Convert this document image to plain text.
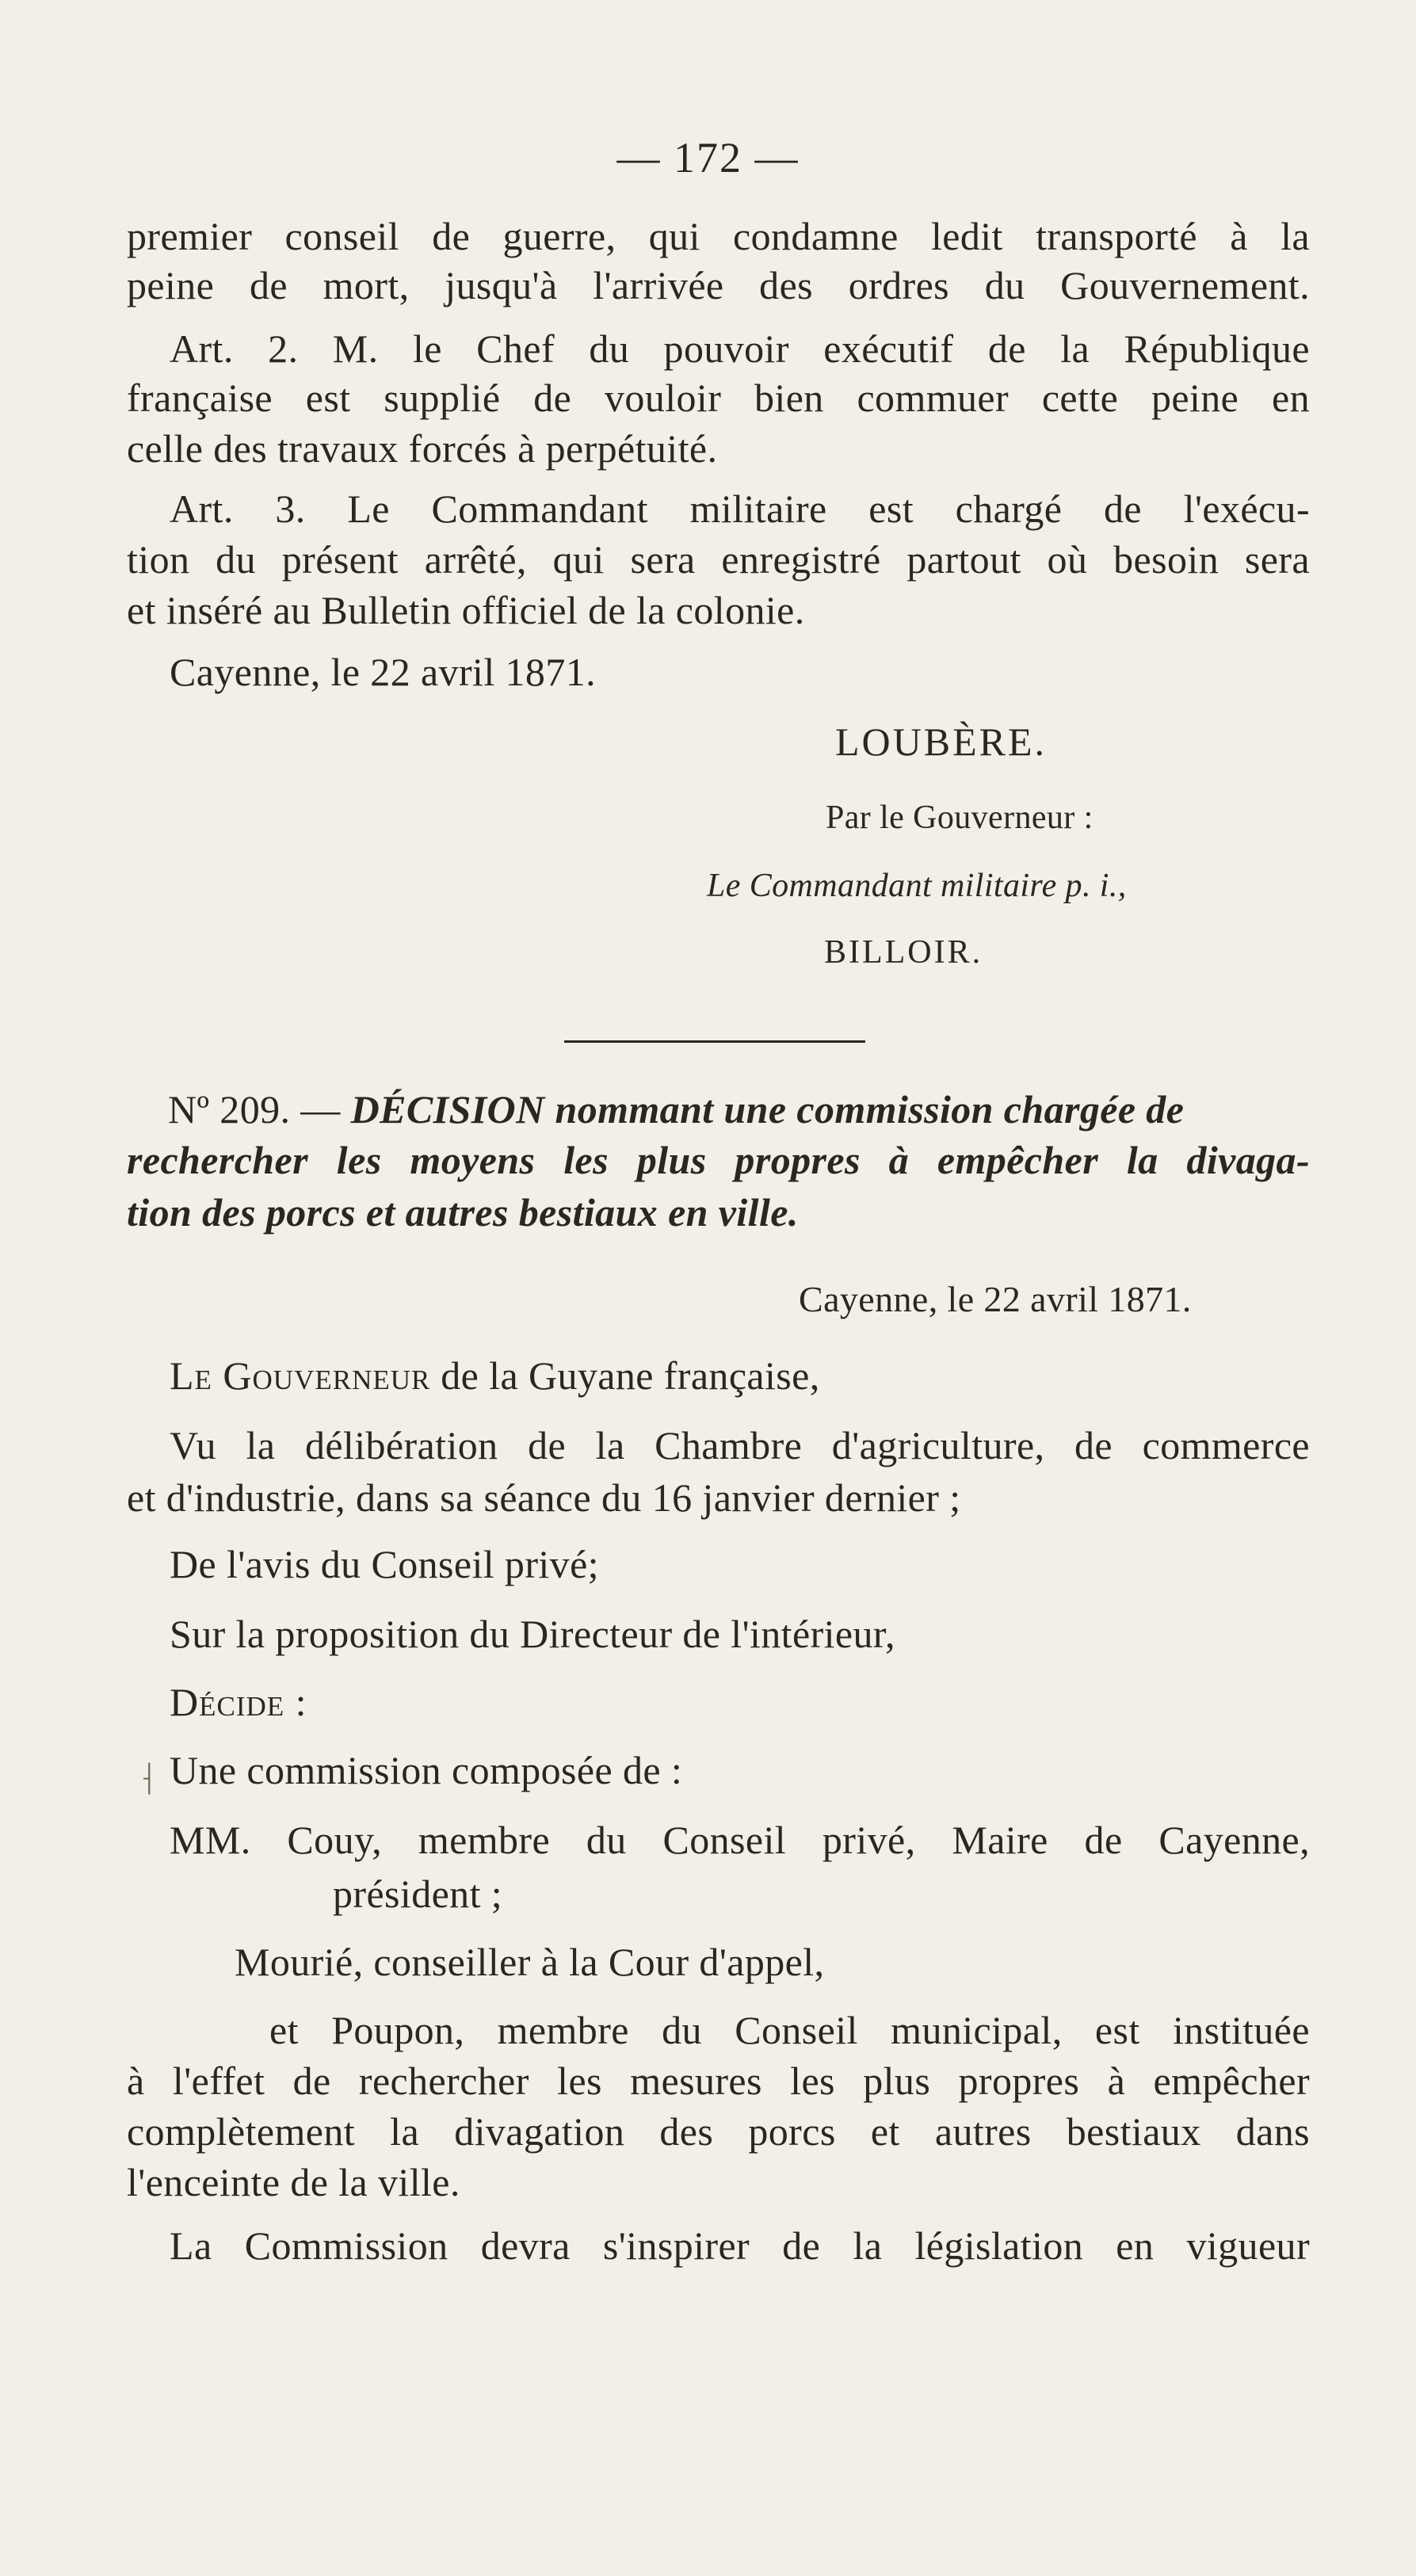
— 172 —
premier conseil de guerre, qui condamne ledit transporté à la
peine de mort, jusqu'à l'arrivée des ordres du Gouvernement.
Art. 2. M. le Chef du pouvoir exécutif de la République
française est supplié de vouloir bien commuer cette peine en
celle des travaux forcés à perpétuité.
Art. 3. Le Commandant militaire est chargé de l'exécu-
tion du présent arrêté, qui sera enregistré partout où besoin sera
et inséré au Bulletin officiel de la colonie.
Cayenne, le 22 avril 1871.
LOUBÈRE.
Par le Gouverneur :
Le Commandant militaire p. i.,
BILLOIR.
Nº 209. — DÉCISION nommant une commission chargée de
rechercher les moyens les plus propres à empêcher la divaga-
tion des porcs et autres bestiaux en ville.
Cayenne, le 22 avril 1871.
Le Gouverneur de la Guyane française,
Vu la délibération de la Chambre d'agriculture, de commerce
et d'industrie, dans sa séance du 16 janvier dernier ;
De l'avis du Conseil privé;
Sur la proposition du Directeur de l'intérieur,
Décide :
⸡ Une commission composée de :
MM. Couy, membre du Conseil privé, Maire de Cayenne,
président ;
Mourié, conseiller à la Cour d'appel,
et Poupon, membre du Conseil municipal, est instituée
à l'effet de rechercher les mesures les plus propres à empêcher
complètement la divagation des porcs et autres bestiaux dans
l'enceinte de la ville.
La Commission devra s'inspirer de la législation en vigueur
